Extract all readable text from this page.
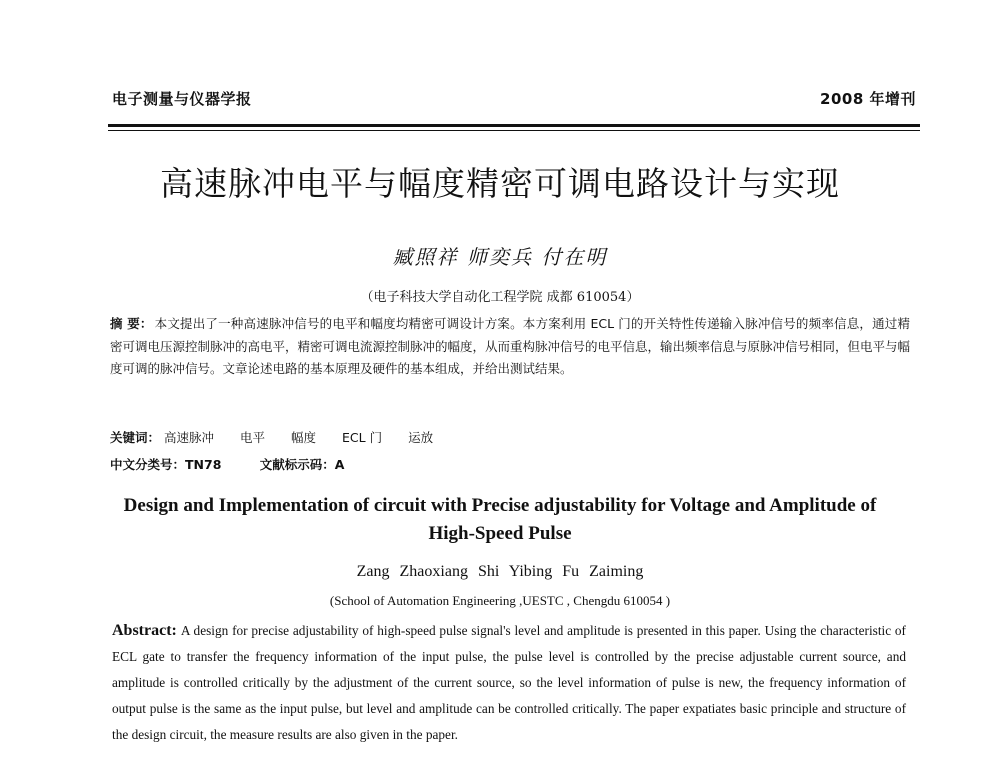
电子测量与仪器学报	2008 年增刊
高速脉冲电平与幅度精密可调电路设计与实现
臧照祥 师奕兵 付在明
（电子科技大学自动化工程学院 成都 610054）
摘 要： 本文提出了一种高速脉冲信号的电平和幅度均精密可调设计方案。本方案利用 ECL 门的开关特性传递输入脉冲信号的频率信息，通过精密可调电压源控制脉冲的高电平，精密可调电流源控制脉冲的幅度，从而重构脉冲信号的电平信息，输出频率信息与原脉冲信号相同，但电平与幅度可调的脉冲信号。文章论述电路的基本原理及硬件的基本组成，并给出测试结果。
关键词： 高速脉冲 电平 幅度 ECL 门 运放
中文分类号：TN78	文献标示码：A
Design and Implementation of circuit with Precise adjustability for Voltage and Amplitude of High-Speed Pulse
Zang Zhaoxiang Shi Yibing Fu Zaiming
(School of Automation Engineering ,UESTC , Chengdu 610054 )
Abstract: A design for precise adjustability of high-speed pulse signal's level and amplitude is presented in this paper. Using the characteristic of ECL gate to transfer the frequency information of the input pulse, the pulse level is controlled by the precise adjustable current source, and amplitude is controlled critically by the adjustment of the current source, so the level information of pulse is new, the frequency information of output pulse is the same as the input pulse, but level and amplitude can be controlled critically. The paper expatiates basic principle and structure of the design circuit, the measure results are also given in the paper.
